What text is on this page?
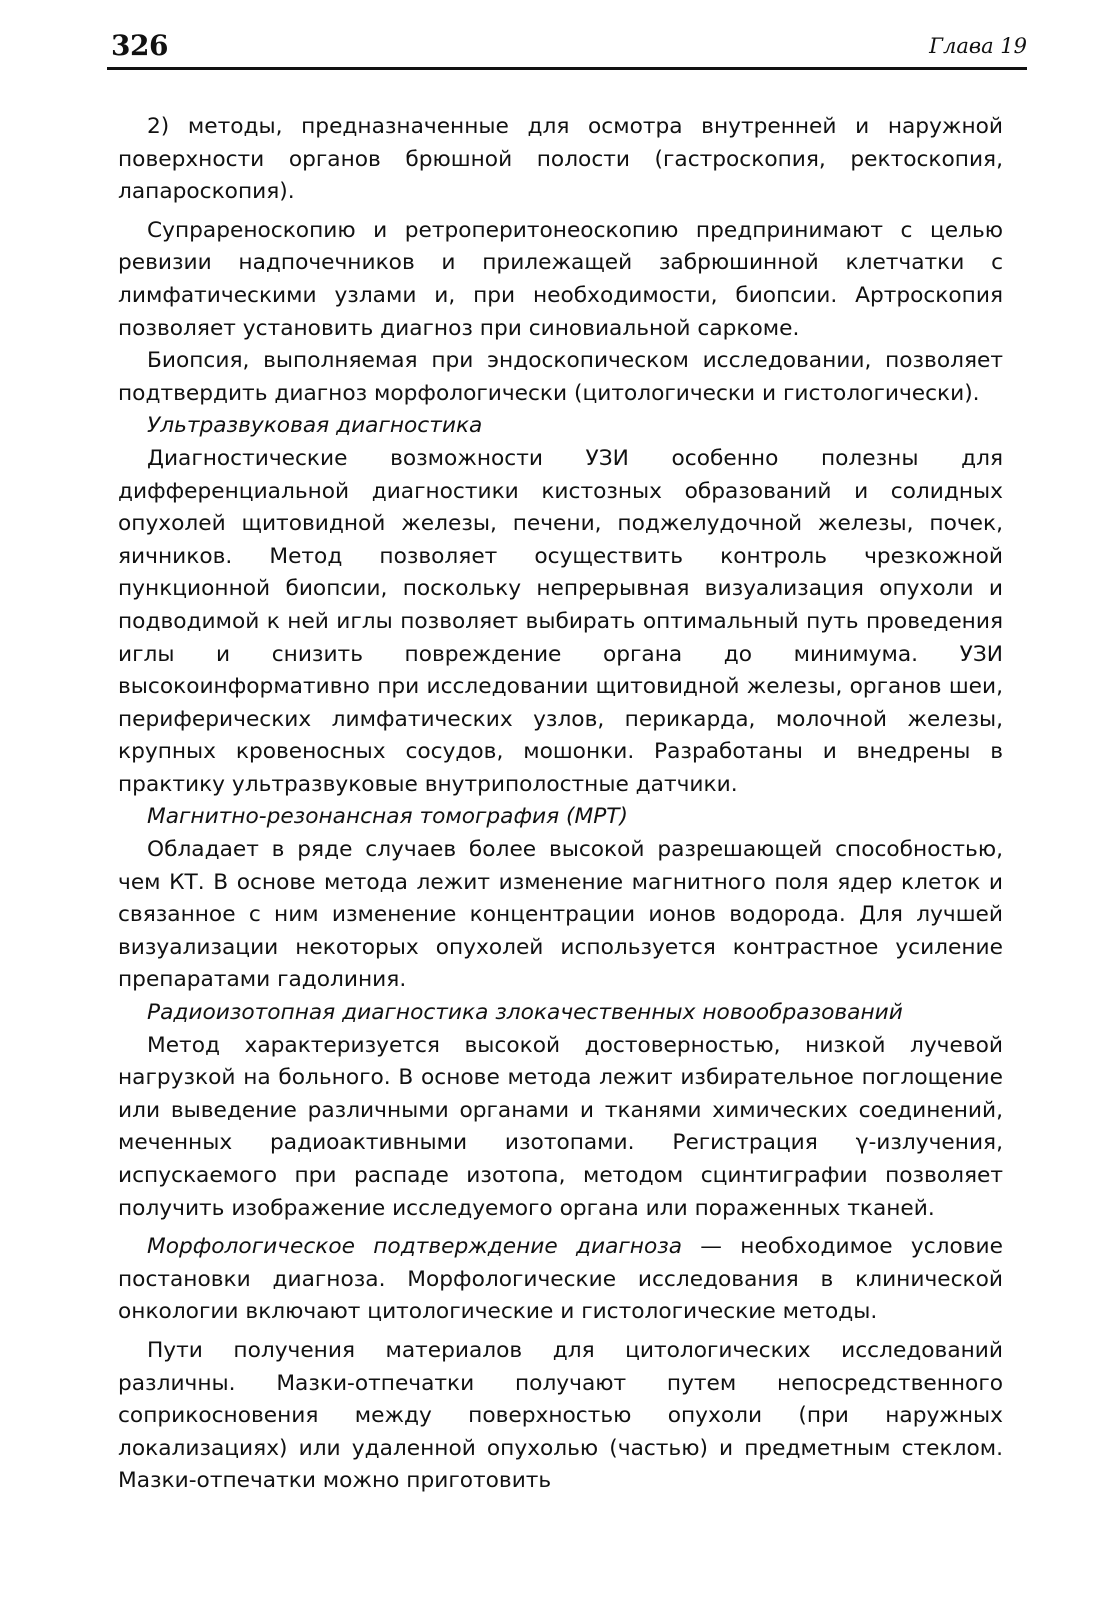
326	Глава 19

2) методы, предназначенные для осмотра внутренней и наружной поверхности органов брюшной полости (гастроскопия, ректоскопия, лапароскопия).

Супраренoскопию и ретроперитонеоскопию предпринимают с целью ревизии надпочечников и прилежащей забрюшинной клетчатки с лимфатическими узлами и, при необходимости, биопсии. Артроскопия позволяет установить диагноз при синовиальной саркоме.

Биопсия, выполняемая при эндоскопическом исследовании, позволяет подтвердить диагноз морфологически (цитологически и гистологически).

Ультразвуковая диагностика

Диагностические возможности УЗИ особенно полезны для дифференциальной диагностики кистозных образований и солидных опухолей щитовидной железы, печени, поджелудочной железы, почек, яичников. Метод позволяет осуществить контроль чрезкожной пункционной биопсии, поскольку непрерывная визуализация опухоли и подводимой к ней иглы позволяет выбирать оптимальный путь проведения иглы и снизить повреждение органа до минимума. УЗИ высокоинформативно при исследовании щитовидной железы, органов шеи, периферических лимфатических узлов, перикарда, молочной железы, крупных кровеносных сосудов, мошонки. Разработаны и внедрены в практику ультразвуковые внутриполостные датчики.

Магнитно-резонансная томография (МРТ)

Обладает в ряде случаев более высокой разрешающей способностью, чем КТ. В основе метода лежит изменение магнитного поля ядер клеток и связанное с ним изменение концентрации ионов водорода. Для лучшей визуализации некоторых опухолей используется контрастное усиление препаратами гадолиния.

Радиоизотопная диагностика злокачественных новообразований

Метод характеризуется высокой достоверностью, низкой лучевой нагрузкой на больного. В основе метода лежит избирательное поглощение или выведение различными органами и тканями химических соединений, меченных радиоактивными изотопами. Регистрация γ-излучения, испускаемого при распаде изотопа, методом сцинтиграфии позволяет получить изображение исследуемого органа или пораженных тканей.

Морфологическое подтверждение диагноза — необходимое условие постановки диагноза. Морфологические исследования в клинической онкологии включают цитологические и гистологические методы.

Пути получения материалов для цитологических исследований различны. Мазки-отпечатки получают путем непосредственного соприкосновения между поверхностью опухоли (при наружных локализациях) или удаленной опухолью (частью) и предметным стеклом. Мазки-отпечатки можно приготовить
